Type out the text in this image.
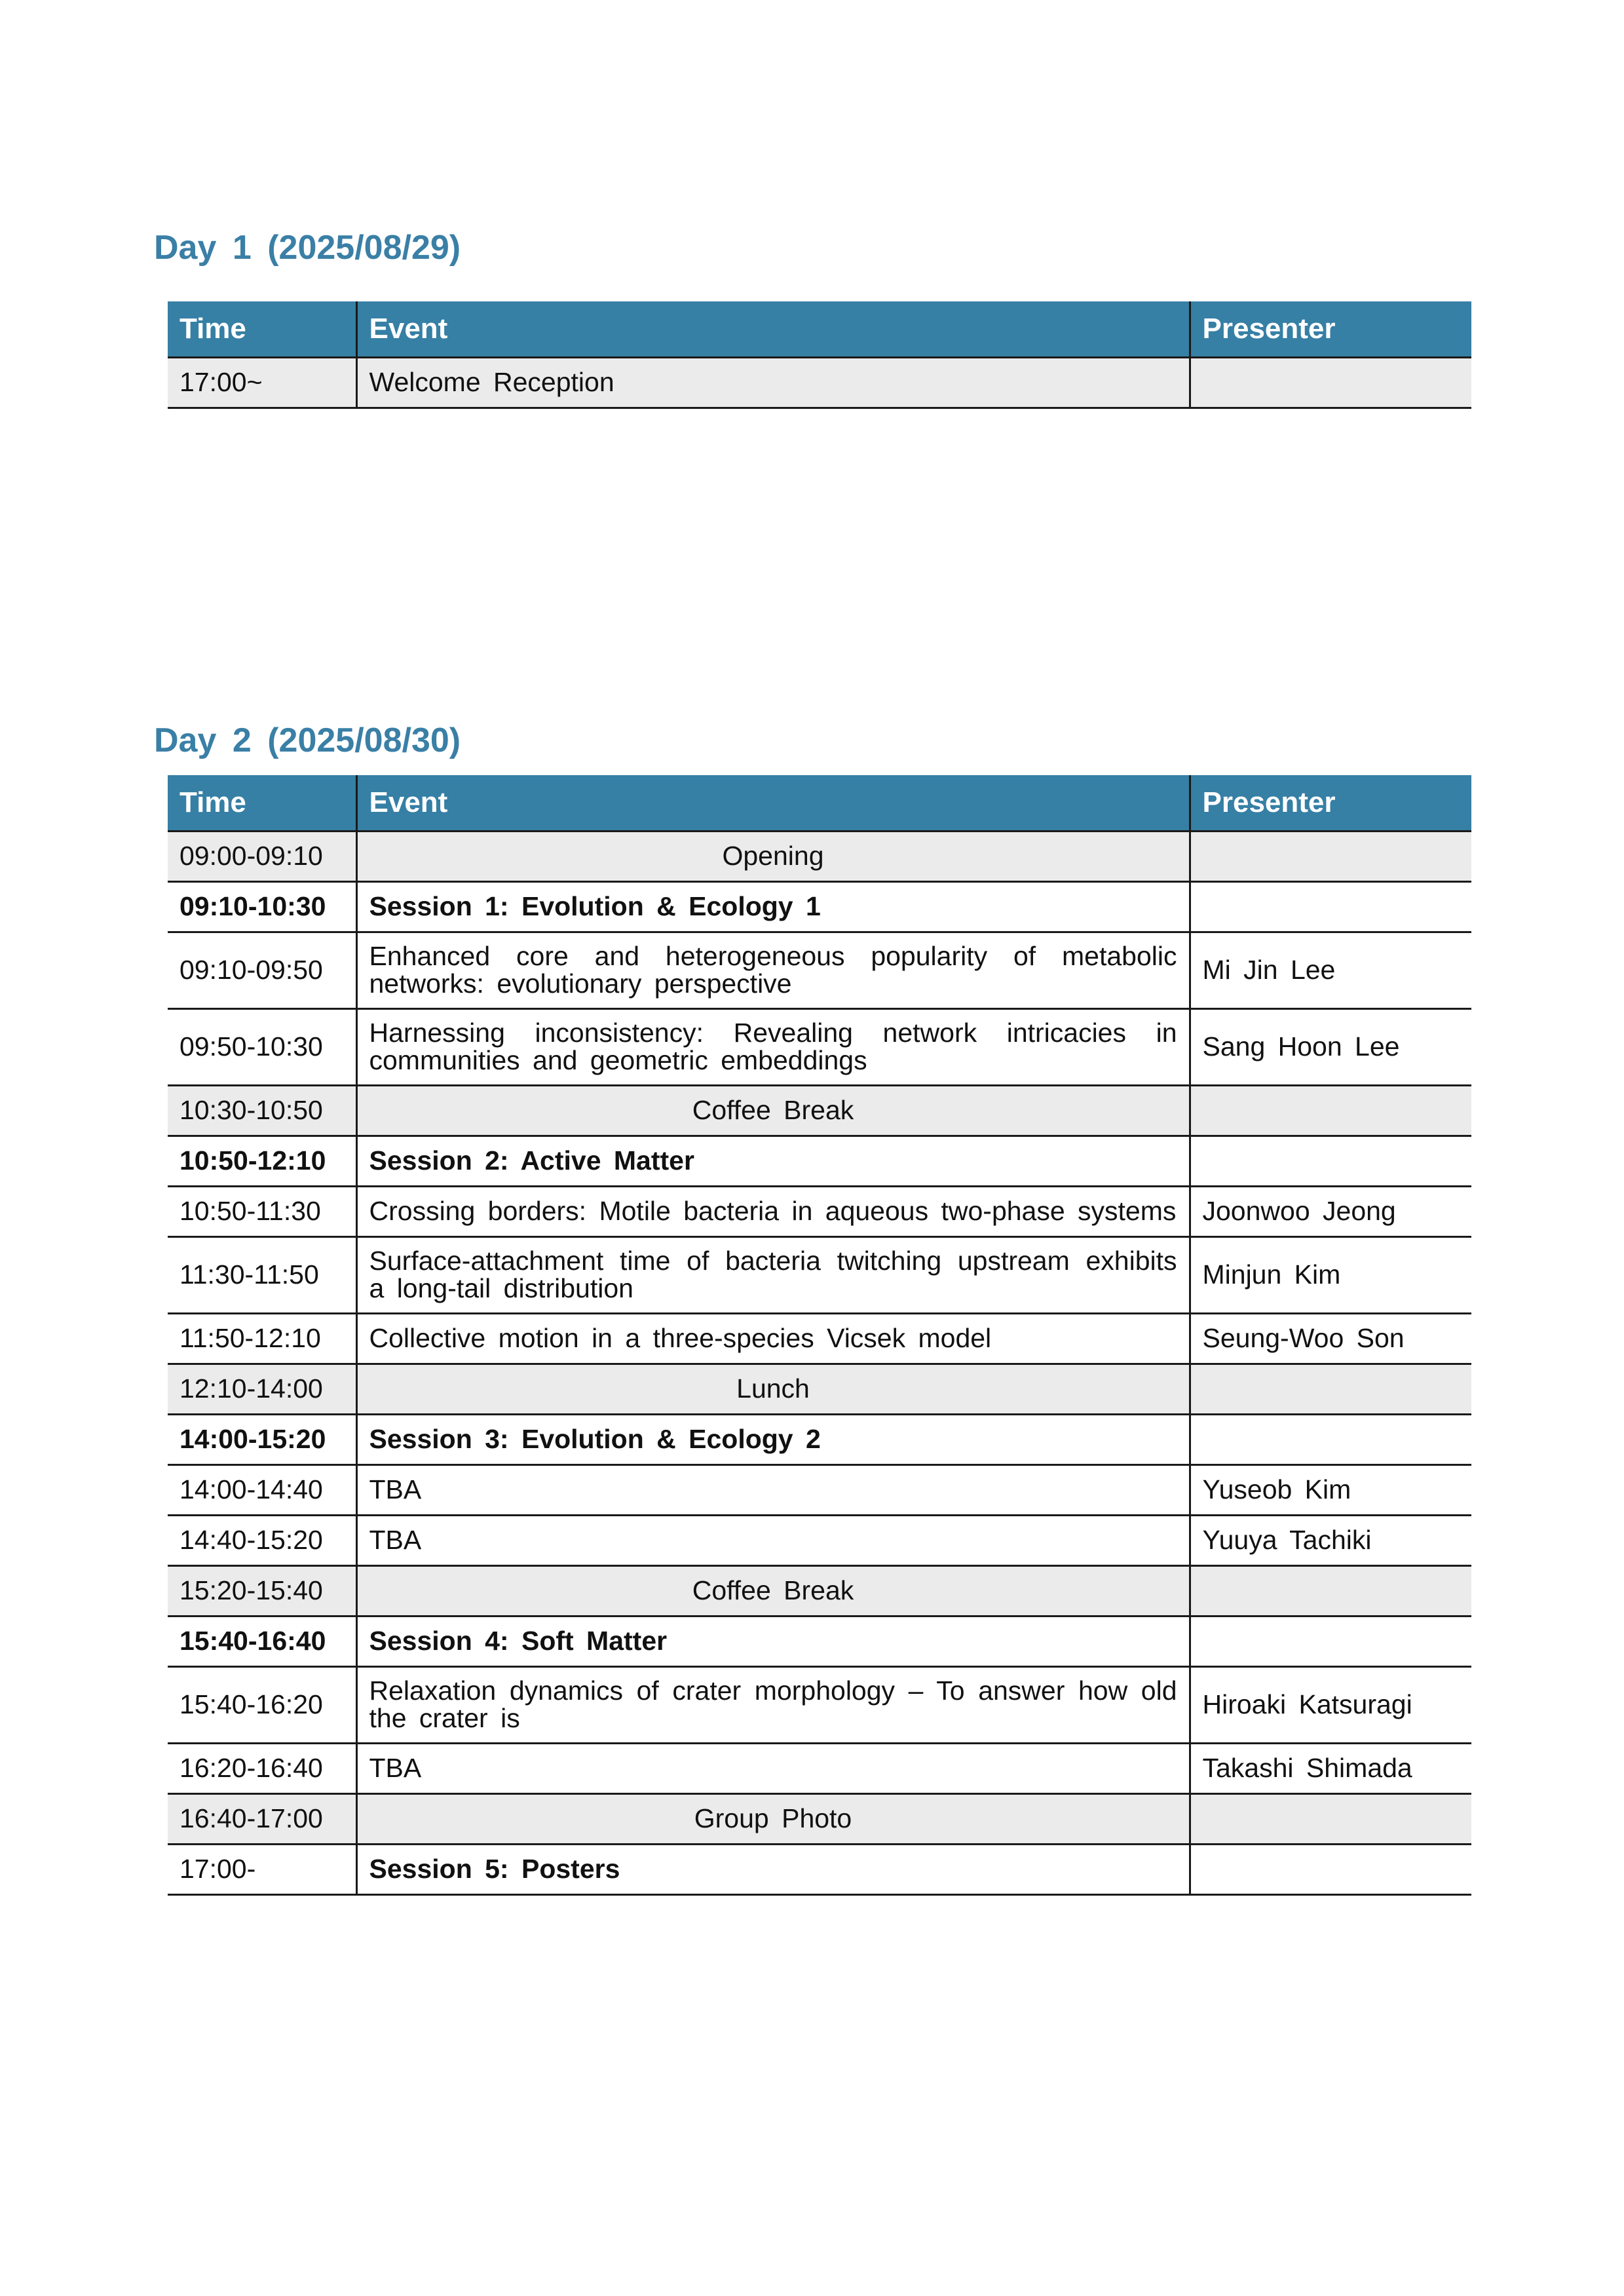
Day 1 (2025/08/29)
Time	Event	Presenter
17:00~	Welcome Reception	
Day 2 (2025/08/30)
Time	Event	Presenter
09:00-09:10	Opening	
09:10-10:30	Session 1: Evolution & Ecology 1	
09:10-09:50	Enhanced core and heterogeneous popularity of metabolic networks: evolutionary perspective	Mi Jin Lee
09:50-10:30	Harnessing inconsistency: Revealing network intricacies in communities and geometric embeddings	Sang Hoon Lee
10:30-10:50	Coffee Break	
10:50-12:10	Session 2: Active Matter	
10:50-11:30	Crossing borders: Motile bacteria in aqueous two-phase systems	Joonwoo Jeong
11:30-11:50	Surface-attachment time of bacteria twitching upstream exhibits a long-tail distribution	Minjun Kim
11:50-12:10	Collective motion in a three-species Vicsek model	Seung-Woo Son
12:10-14:00	Lunch	
14:00-15:20	Session 3: Evolution & Ecology 2	
14:00-14:40	TBA	Yuseob Kim
14:40-15:20	TBA	Yuuya Tachiki
15:20-15:40	Coffee Break	
15:40-16:40	Session 4: Soft Matter	
15:40-16:20	Relaxation dynamics of crater morphology – To answer how old the crater is	Hiroaki Katsuragi
16:20-16:40	TBA	Takashi Shimada
16:40-17:00	Group Photo	
17:00-	Session 5: Posters	
